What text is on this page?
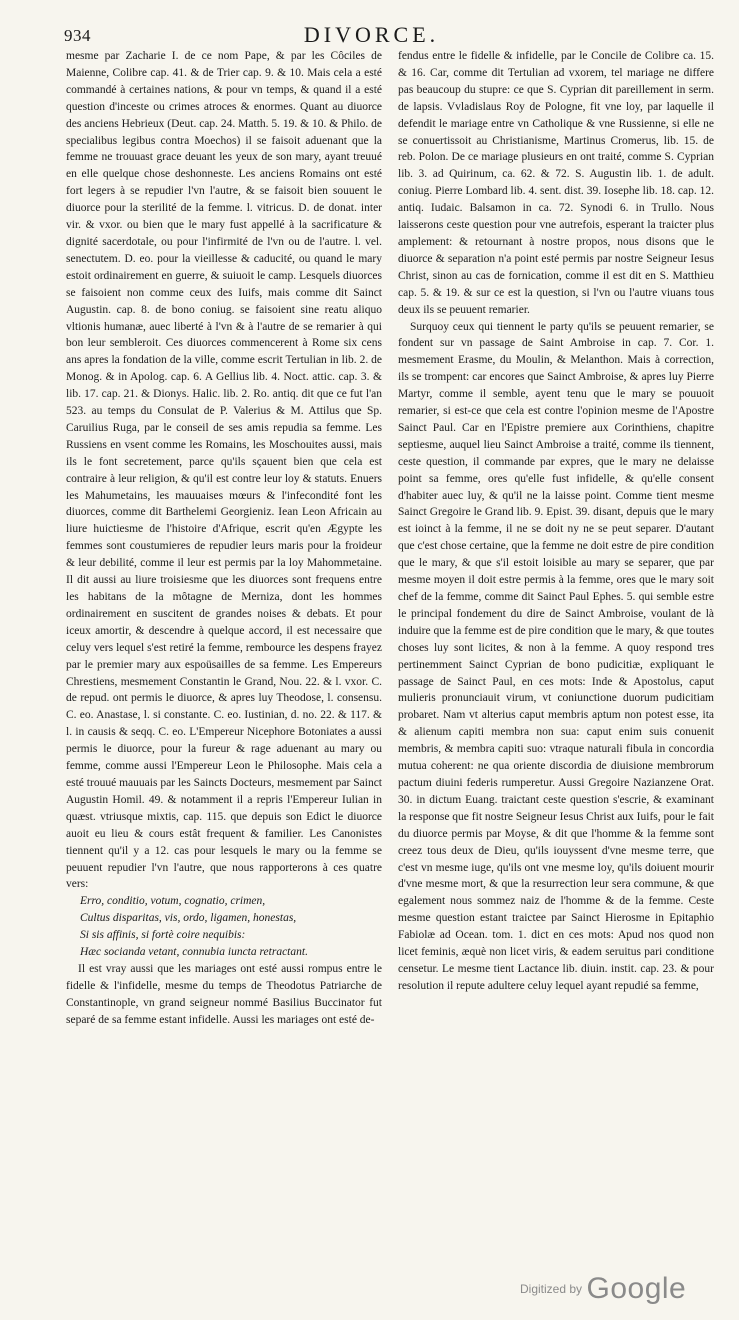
934	DIVORCE.

mesme par Zacharie I. de ce nom Pape, & par les Côciles de Maienne, Colibre cap. 41. & de Trier cap. 9. & 10. Mais cela a esté commandé à certaines nations, & pour vn temps, & quand il a esté question d'inceste ou crimes atroces & enormes. Quant au diuorce des anciens Hebrieux (Deut. cap. 24. Matth. 5. 19. & 10. & Philo. de specialibus legibus contra Moechos) il se faisoit aduenant que la femme ne trouuast grace deuant les yeux de son mary, ayant treuué en elle quelque chose deshonneste. Les anciens Romains ont esté fort legers à se repudier l'vn l'autre, & se faisoit bien souuent le diuorce pour la sterilité de la femme. l. vitricus. D. de donat. inter vir. & vxor. ou bien que le mary fust appellé à la sacrificature & dignité sacerdotale, ou pour l'infirmité de l'vn ou de l'autre. l. vel. senectutem. D. eo. pour la vieillesse & caducité, ou quand le mary estoit ordinairement en guerre, & suiuoit le camp. Lesquels diuorces se faisoient non comme ceux des Iuifs, mais comme dit Sainct Augustin. cap. 8. de bono coniug. se faisoient sine reatu aliquo vltionis humanæ, auec liberté à l'vn & à l'autre de se remarier à qui bon leur sembleroit. Ces diuorces commencerent à Rome six cens ans apres la fondation de la ville, comme escrit Tertulian in lib. 2. de Monog. & in Apolog. cap. 6. A Gellius lib. 4. Noct. attic. cap. 3. & lib. 17. cap. 21. & Dionys. Halic. lib. 2. Ro. antiq. dit que ce fut l'an 523. au temps du Consulat de P. Valerius & M. Attilus que Sp. Caruilius Ruga, par le conseil de ses amis repudia sa femme. Les Russiens en vsent comme les Romains, les Moschouites aussi, mais ils le font secretement, parce qu'ils sçauent bien que cela est contraire à leur religion, & qu'il est contre leur loy & statuts. Enuers les Mahumetains, les mauuaises mœurs & l'infecondité font les diuorces, comme dit Barthelemi Georgieniz. Iean Leon Africain au liure huictiesme de l'histoire d'Afrique, escrit qu'en Ægypte les femmes sont coustumieres de repudier leurs maris pour la froideur & leur debilité, comme il leur est permis par la loy Mahommetaine. Il dit aussi au liure troisiesme que les diuorces sont frequens entre les habitans de la môtagne de Merniza, dont les hommes ordinairement en suscitent de grandes noises & debats. Et pour iceux amortir, & descendre à quelque accord, il est necessaire que celuy vers lequel s'est retiré la femme, rembource les despens frayez par le premier mary aux espoüsailles de sa femme. Les Empereurs Chrestiens, mesmement Constantin le Grand, Nou. 22. & l. vxor. C. de repud. ont permis le diuorce, & apres luy Theodose, l. consensu. C. eo. Anastase, l. si constante. C. eo. Iustinian, d. no. 22. & 117. & l. in causis & seqq. C. eo. L'Empereur Nicephore Botoniates a aussi permis le diuorce, pour la fureur & rage aduenant au mary ou femme, comme aussi l'Empereur Leon le Philosophe. Mais cela a esté trouué mauuais par les Saincts Docteurs, mesmement par Sainct Augustin Homil. 49. & notamment il a repris l'Empereur Iulian in quæst. vtriusque mixtis, cap. 115. que depuis son Edict le diuorce auoit eu lieu & cours estât frequent & familier. Les Canonistes tiennent qu'il y a 12. cas pour lesquels le mary ou la femme se peuuent repudier l'vn l'autre, que nous rapporterons à ces quatre vers:

Erro, conditio, votum, cognatio, crimen,
Cultus disparitas, vis, ordo, ligamen, honestas,
Si sis affinis, si fortè coire nequibis:
Hæc socianda vetant, connubia iuncta retractant.

Il est vray aussi que les mariages ont esté aussi rompus entre le fidelle & l'infidelle, mesme du temps de Theodotus Patriarche de Constantinople, vn grand seigneur nommé Basilius Buccinator fut separé de sa femme estant infidelle. Aussi les mariages ont esté de-

fendus entre le fidelle & infidelle, par le Concile de Colibre ca. 15. & 16. Car, comme dit Tertulian ad vxorem, tel mariage ne differe pas beaucoup du stupre: ce que S. Cyprian dit pareillement in serm. de lapsis. Vvladislaus Roy de Pologne, fit vne loy, par laquelle il defendit le mariage entre vn Catholique & vne Russienne, si elle ne se conuertissoit au Christianisme, Martinus Cromerus, lib. 15. de reb. Polon. De ce mariage plusieurs en ont traité, comme S. Cyprian lib. 3. ad Quirinum, ca. 62. & 72. S. Augustin lib. 1. de adult. coniug. Pierre Lombard lib. 4. sent. dist. 39. Iosephe lib. 18. cap. 12. antiq. Iudaic. Balsamon in ca. 72. Synodi 6. in Trullo. Nous laisserons ceste question pour vne autrefois, esperant la traicter plus amplement: & retournant à nostre propos, nous disons que le diuorce & separation n'a point esté permis par nostre Seigneur Iesus Christ, sinon au cas de fornication, comme il est dit en S. Matthieu cap. 5. & 19. & sur ce est la question, si l'vn ou l'autre viuans tous deux ils se peuuent remarier.

Surquoy ceux qui tiennent le party qu'ils se peuuent remarier, se fondent sur vn passage de Saint Ambroise in cap. 7. Cor. 1. mesmement Erasme, du Moulin, & Melanthon. Mais à correction, ils se trompent: car encores que Sainct Ambroise, & apres luy Pierre Martyr, comme il semble, ayent tenu que le mary se pouuoit remarier, si est-ce que cela est contre l'opinion mesme de l'Apostre Sainct Paul. Car en l'Epistre premiere aux Corinthiens, chapitre septiesme, auquel lieu Sainct Ambroise a traité, comme ils tiennent, ceste question, il commande par expres, que le mary ne delaisse point sa femme, ores qu'elle fust infidelle, & qu'elle consent d'habiter auec luy, & qu'il ne la laisse point. Comme tient mesme Sainct Gregoire le Grand lib. 9. Epist. 39. disant, depuis que le mary est ioinct à la femme, il ne se doit ny ne se peut separer. D'autant que c'est chose certaine, que la femme ne doit estre de pire condition que le mary, & que s'il estoit loisible au mary se separer, que par mesme moyen il doit estre permis à la femme, ores que le mary soit chef de la femme, comme dit Sainct Paul Ephes. 5. qui semble estre le principal fondement du dire de Sainct Ambroise, voulant de là induire que la femme est de pire condition que le mary, & que toutes choses luy sont licites, & non à la femme. A quoy respond tres pertinemment Sainct Cyprian de bono pudicitiæ, expliquant le passage de Sainct Paul, en ces mots: Inde & Apostolus, caput mulieris pronunciauit virum, vt coniunctione duorum pudicitiam probaret. Nam vt alterius caput membris aptum non potest esse, ita & alienum capiti membra non sua: caput enim suis conuenit membris, & membra capiti suo: vtraque naturali fibula in concordia mutua coherent: ne qua oriente discordia de diuisione membrorum pactum diuini federis rumperetur. Aussi Gregoire Nazianzene Orat. 30. in dictum Euang. traictant ceste question s'escrie, & examinant la response que fit nostre Seigneur Iesus Christ aux Iuifs, pour le fait du diuorce permis par Moyse, & dit que l'homme & la femme sont creez tous deux de Dieu, qu'ils iouyssent d'vne mesme terre, que c'est vn mesme iuge, qu'ils ont vne mesme loy, qu'ils doiuent mourir d'vne mesme mort, & que la resurrection leur sera commune, & que egalement nous sommez naiz de l'homme & de la femme. Ceste mesme question estant traictee par Sainct Hierosme in Epitaphio Fabiolæ ad Ocean. tom. 1. dict en ces mots: Apud nos quod non licet feminis, æquè non licet viris, & eadem seruitus pari conditione censetur. Le mesme tient Lactance lib. diuin. instit. cap. 23. & pour resolution il repute adultere celuy lequel ayant repudié sa femme,

Digitized by Google
